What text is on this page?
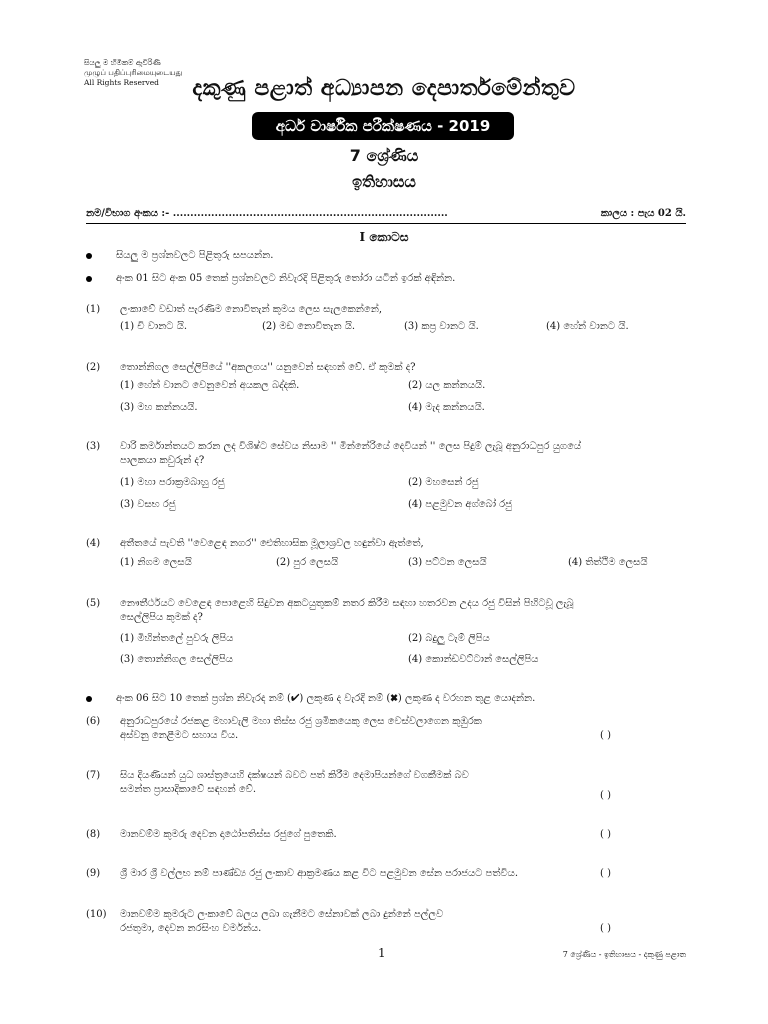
සියලු ම හිමිකම් ඇවිරිණි
முழுப் பதிப்புரிமையுடையது
All Rights Reserved	දකුණු පළාත් අධ්‍යාපන දෙපාර්තමේන්තුව
අර්ධ වාර්ෂික පරීක්ෂණය - 2019
7 ශ්‍රේණිය
ඉතිහාසය
නම/විභාග අංකය :- ...............................................................................	කාලය : පැය 02 යි.
I කොටස
සියලු ම ප්‍රශ්නවලට පිළිතුරු සපයන්න.
අංක 01 සිට අංක 05 තෙක් ප්‍රශ්නවලට නිවැරදි පිළිතුරු තෝරා යටින් ඉරක් අඳින්න.
(1) ලංකාවේ වඩාත් පැරණිම නොවිතැන් කුමය ලෙස සැලකෙන්නේ,
(1) චි වානට යි.	(2) මඩ නොවිතැන යි.	(3) කප්‍ර වානට යි.	(4) හේන් වානට යි.
(2) තොන්නිගල සෙල්ලිපියේ ''අකලගය'' යනුවෙන් සඳහන් වේ. ඒ කුමක් ද?
(1) හේන් වානට වෙනුවෙන් අයකල බද්දකි.	(2) යල කන්නයයි.
(3) මහ කන්නයයි.	(4) මැද කන්නයයි.
(3) වාරි කර්මාන්තයට කරන ලද විශිෂ්ට සේවය නිසාම '' මින්නේරියේ දෙවියන් '' ලෙස පිදුම් ලැබූ අනුරාධපුර යුගයේ
පාලකයා කවුරුන් ද?
(1) මහා පරාක්‍රමබාහු රජු	(2) මහසෙන් රජු
(3) වසභ රජු	(4) පළමුවන අග්බෝ රජු
(4) අතීතයේ පැවති ''වෙළෙඳ නගර'' ඓතිහාසික මූලාශ්‍රවල හඳුන්වා ඇත්තේ,
(1) නිගම ලෙසයි	(2) පුර ලෙසයි	(3) පට්ටන ලෙසයි	(4) තිත්ථිම ලෙසයි
(5) නෞතීර්ථයට වෙළෙඳ පොළෙහි සිදුවන අකටයුතුකම් නතර කිරීම සඳහා හතරවන උදය රජු විසින් පිහිටවූ ලැබූ
සෙල්ලිපිය කුමක් ද?
(1) මිහින්තලේ පුවරු ලිපිය	(2) බදුලු ටැම් ලිපිය
(3) තොන්නිගල සෙල්ලිපිය	(4) කොන්ඩවට්ටාන් සෙල්ලිපිය
අංක 06 සිට 10 තෙක් ප්‍රශ්න නිවැරද නම් (✔) ලකුණ ද වැරදි නම් (✖) ලකුණ ද වරහන තුළ යොදන්න.
(6) අනුරාධපුරයේ රජකළ මහාවැලි මහා තිස්ස රජු ශ්‍රමිකයෙකු ලෙස වෙස්වලාගෙන කුඹුරක
අස්වනු නෙළීමට සහාය විය.	( )
(7) සිය දියණියන් යුධ ශාස්ත්‍රයෙහි දක්ෂයන් බවට පත් කිරීම දෙමාපියන්ගේ වගකීමක් බව
සමන්ත ප්‍රාසාදිකාවේ සඳහන් වේ.
( )
(8) මානවම්ම කුමරු දෙවන දාඨෝපතිස්ස රජුගේ පුතෙකි.	( )
(9) ශ්‍රී මාර ශ්‍රී වල්ලභ නම් පාණ්ඩ්‍ය රජු ලංකාව ආක්‍රමණය කළ විට පළමුවන සේන පරාජයට පත්විය.	( )
(10) මානවම්ම කුමරුට ලංකාවේ බලය ලබා ගැනීමට සේනාවක් ලබා දුන්නේ පල්ලව
රජතුමා, දෙවන නරසිංහ වර්මන්ය.	( )
1	7 ශ්‍රේණිය - ඉතිහාසය - දකුණු පළාත
